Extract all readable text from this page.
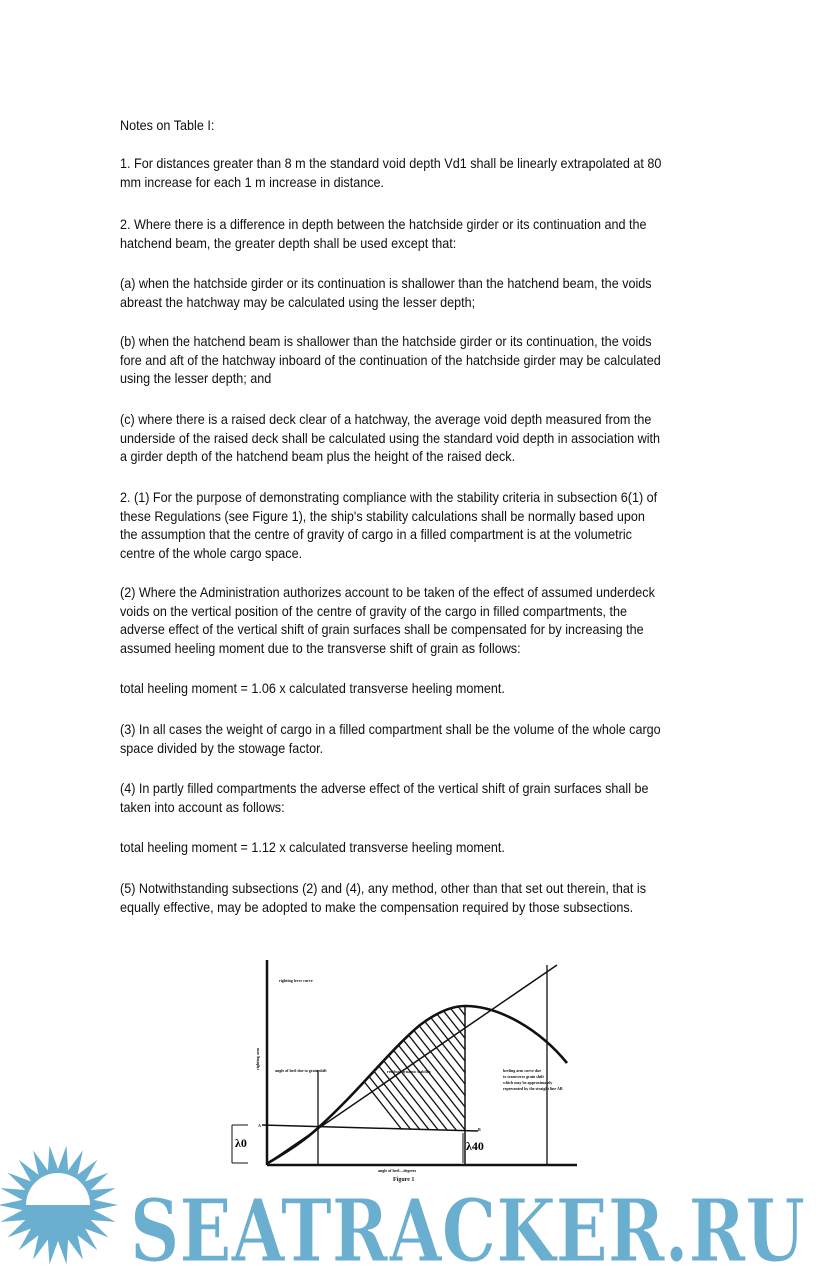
Notes on Table I:
1. For distances greater than 8 m the standard void depth Vd1 shall be linearly extrapolated at 80
mm increase for each 1 m increase in distance.
2. Where there is a difference in depth between the hatchside girder or its continuation and the
hatchend beam, the greater depth shall be used except that:
(a) when the hatchside girder or its continuation is shallower than the hatchend beam, the voids
abreast the hatchway may be calculated using the lesser depth;
(b) when the hatchend beam is shallower than the hatchside girder or its continuation, the voids
fore and aft of the hatchway inboard of the continuation of the hatchside girder may be calculated
using the lesser depth; and
(c) where there is a raised deck clear of a hatchway, the average void depth measured from the
underside of the raised deck shall be calculated using the standard void depth in association with
a girder depth of the hatchend beam plus the height of the raised deck.
2. (1) For the purpose of demonstrating compliance with the stability criteria in subsection 6(1) of
these Regulations (see Figure 1), the ship's stability calculations shall be normally based upon
the assumption that the centre of gravity of cargo in a filled compartment is at the volumetric
centre of the whole cargo space.
(2) Where the Administration authorizes account to be taken of the effect of assumed underdeck
voids on the vertical position of the centre of gravity of the cargo in filled compartments, the
adverse effect of the vertical shift of grain surfaces shall be compensated for by increasing the
assumed heeling moment due to the transverse shift of grain as follows:
total heeling moment = 1.06 x calculated transverse heeling moment.
(3) In all cases the weight of cargo in a filled compartment shall be the volume of the whole cargo
space divided by the stowage factor.
(4) In partly filled compartments the adverse effect of the vertical shift of grain surfaces shall be
taken into account as follows:
total heeling moment = 1.12 x calculated transverse heeling moment.
(5) Notwithstanding subsections (2) and (4), any method, other than that set out therein, that is
equally effective, may be adopted to make the compensation required by those subsections.
righting lever curve
righting arm
angle of heel due to grain shift	residual dynamic stability	heeling arm curve due
to transverse grain shift
which may be approximately
represented by the straight line AB
angle of heel—degrees
Figure 1
A
B
λ0	λ40
SEATRACKER.RU
